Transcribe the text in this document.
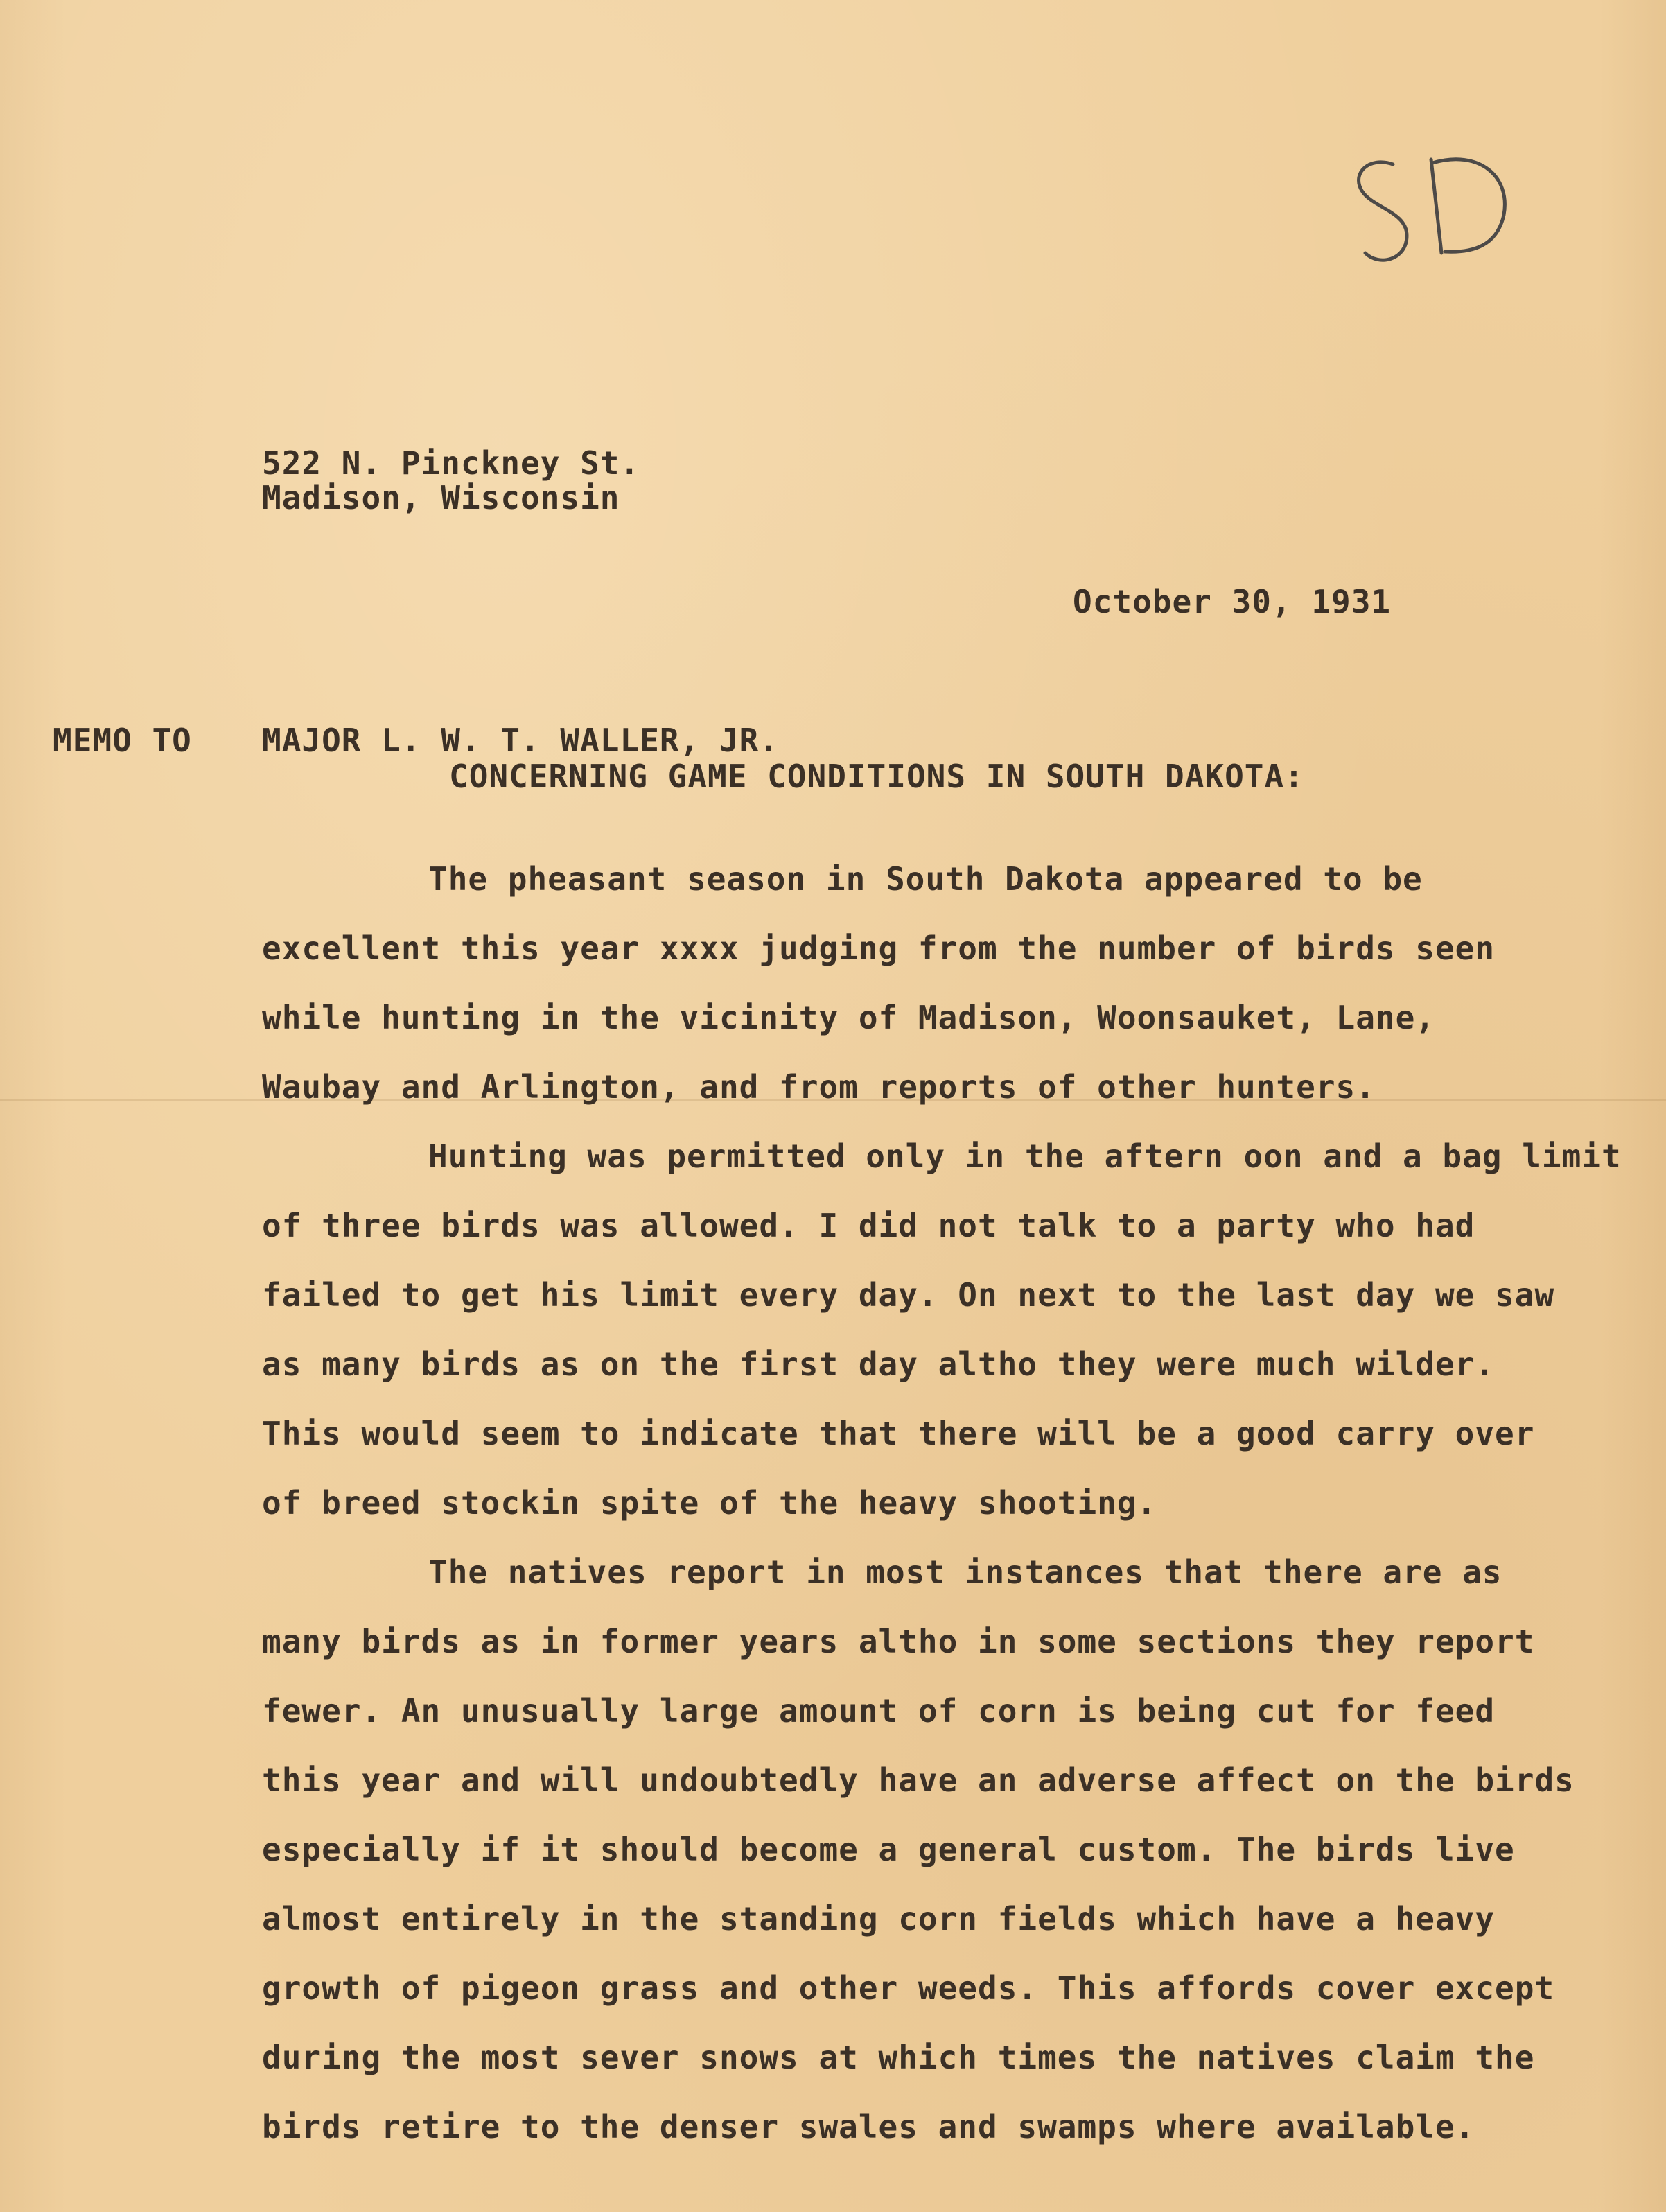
522 N. Pinckney St.
Madison, Wisconsin
October 30, 1931
MEMO TO MAJOR L. W. T. WALLER, JR.
CONCERNING GAME CONDITIONS IN SOUTH DAKOTA:
The pheasant season in South Dakota appeared to be
excellent this year xxxx judging from the number of birds seen
while hunting in the vicinity of Madison, Woonsauket, Lane,
Waubay and Arlington, and from reports of other hunters.
Hunting was permitted only in the aftern oon and a bag limit
of three birds was allowed. I did not talk to a party who had
failed to get his limit every day. On next to the last day we saw
as many birds as on the first day altho they were much wilder.
This would seem to indicate that there will be a good carry over
of breed stockin spite of the heavy shooting.
The natives report in most instances that there are as
many birds as in former years altho in some sections they report
fewer. An unusually large amount of corn is being cut for feed
this year and will undoubtedly have an adverse affect on the birds
especially if it should become a general custom. The birds live
almost entirely in the standing corn fields which have a heavy
growth of pigeon grass and other weeds. This affords cover except
during the most sever snows at which times the natives claim the
birds retire to the denser swales and swamps where available.
